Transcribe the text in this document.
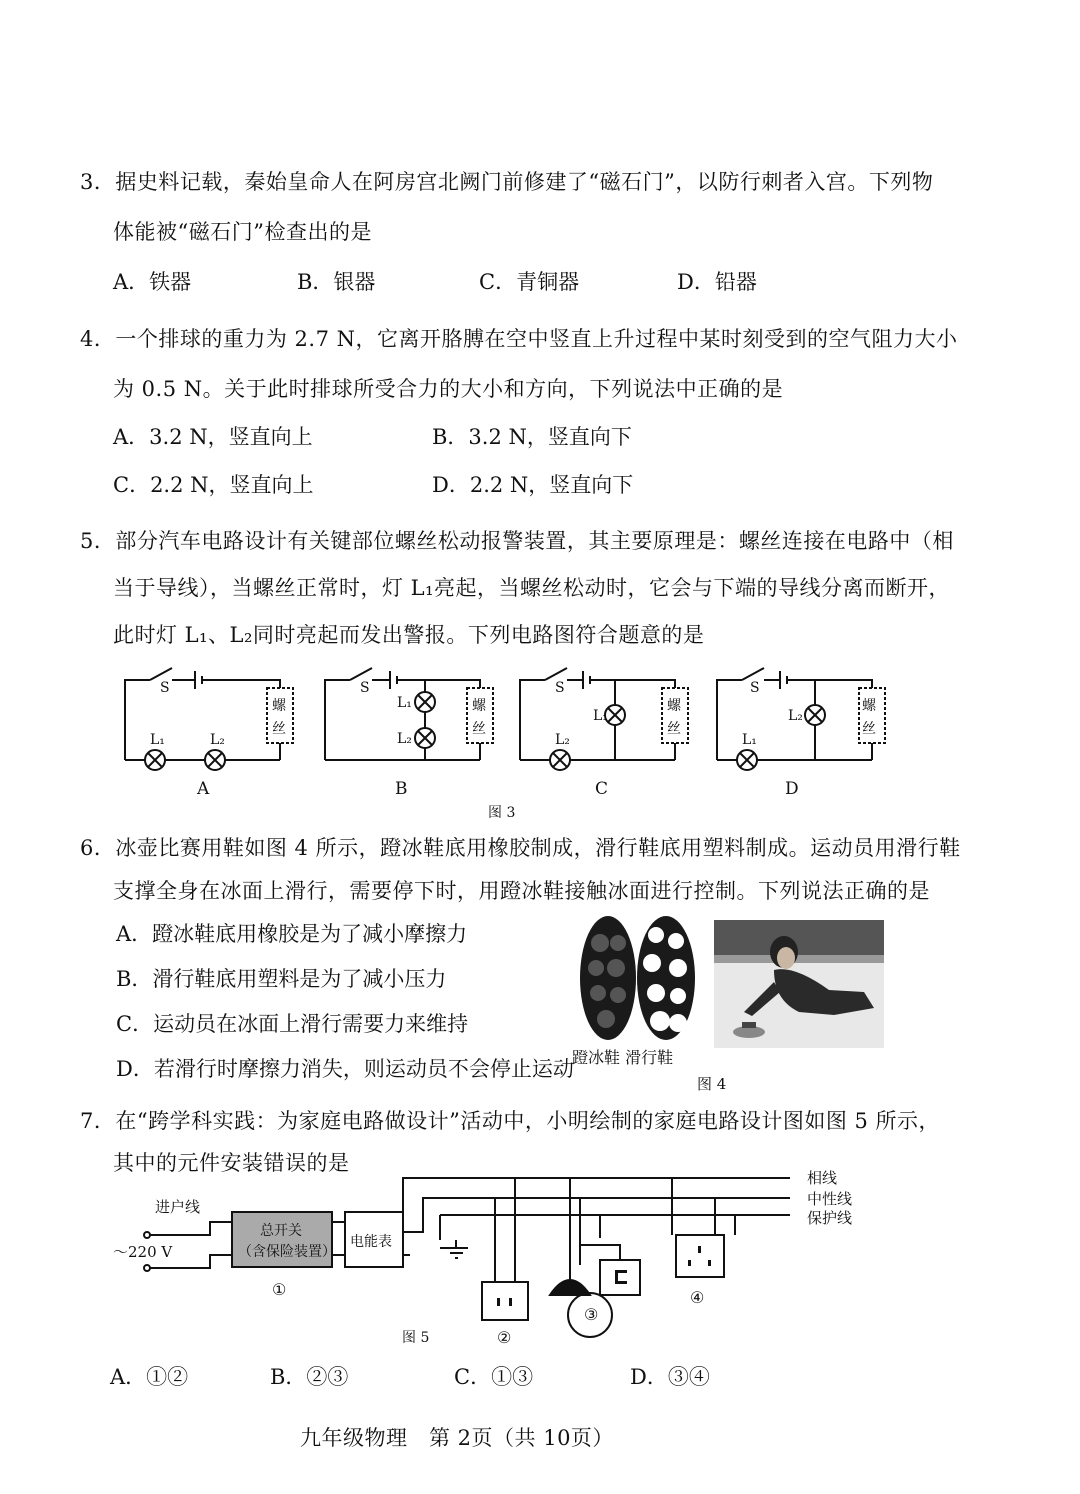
3．据史料记载，秦始皇命人在阿房宫北阙门前修建了“磁石门”，以防行刺者入宫。下列物
体能被“磁石门”检查出的是
A．铁器	B．银器	C．青铜器	D．铅器
4．一个排球的重力为 2.7 N，它离开胳膊在空中竖直上升过程中某时刻受到的空气阻力大小
为 0.5 N。关于此时排球所受合力的大小和方向，下列说法中正确的是
A．3.2 N，竖直向上	B．3.2 N，竖直向下
C．2.2 N，竖直向上	D．2.2 N，竖直向下
5．部分汽车电路设计有关键部位螺丝松动报警装置，其主要原理是：螺丝连接在电路中（相
当于导线），当螺丝正常时，灯 L₁亮起，当螺丝松动时，它会与下端的导线分离而断开，
此时灯 L₁、L₂同时亮起而发出警报。下列电路图符合题意的是
S
螺
丝
L₁	L₂
S
螺
丝
L₁
L₂
S
螺
丝
L₁
L₂
S
螺
丝
L₂
L₁
A	B	C	D
图 3
6．冰壶比赛用鞋如图 4 所示，蹬冰鞋底用橡胶制成，滑行鞋底用塑料制成。运动员用滑行鞋
支撑全身在冰面上滑行，需要停下时，用蹬冰鞋接触冰面进行控制。下列说法正确的是
A．蹬冰鞋底用橡胶是为了减小摩擦力
B．滑行鞋底用塑料是为了减小压力
C．运动员在冰面上滑行需要力来维持
D．若滑行时摩擦力消失，则运动员不会停止运动
蹬冰鞋 滑行鞋
图 4
7．在“跨学科实践：为家庭电路做设计”活动中，小明绘制的家庭电路设计图如图 5 所示，
其中的元件安装错误的是
进户线
～220 V
总开关
（含保险装置）
电能表
相线
中性线
保护线
①
②
③
④
图 5
A．①②	B．②③	C．①③	D．③④
九年级物理　第 2页（共 10页）
